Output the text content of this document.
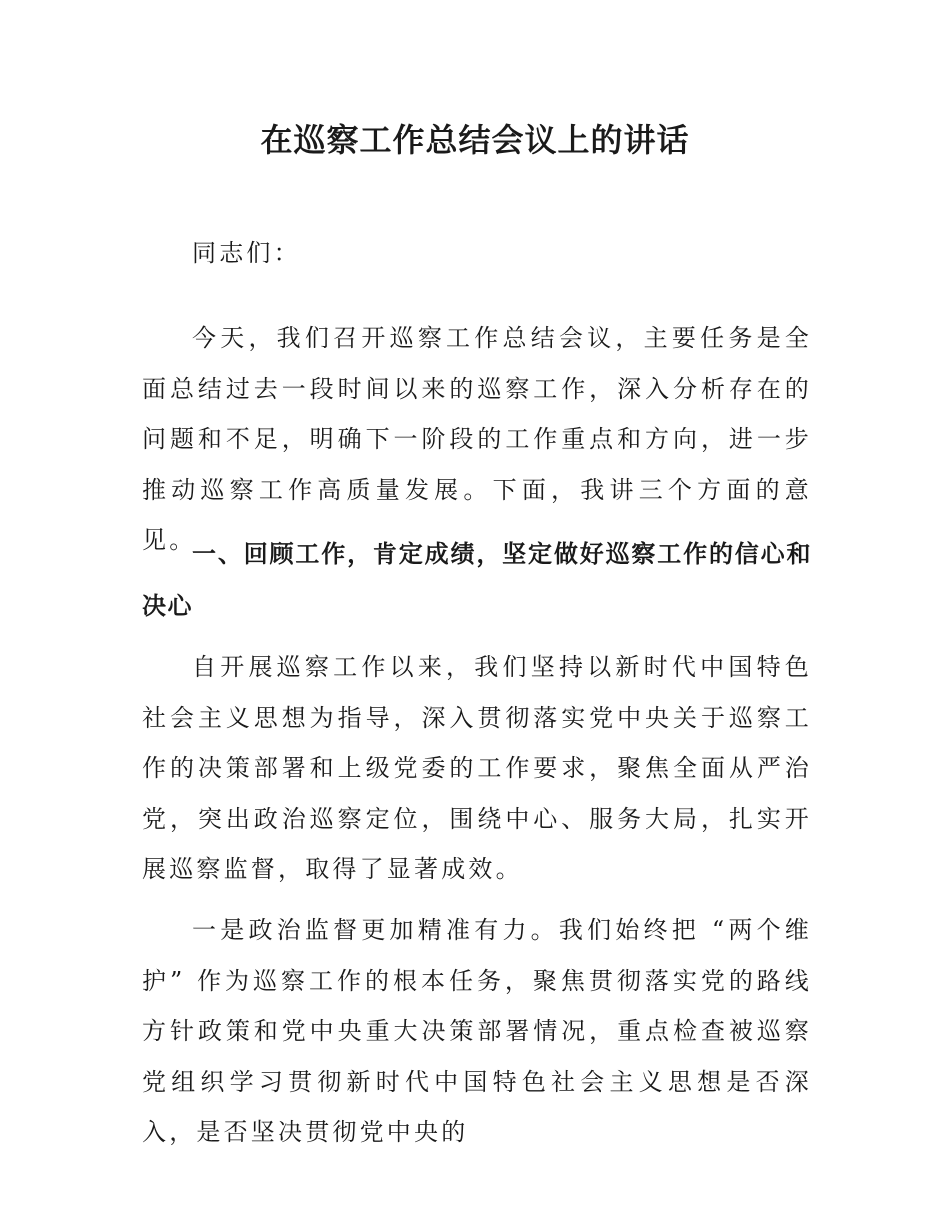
在巡察工作总结会议上的讲话

同志们：

今天，我们召开巡察工作总结会议，主要任务是全面总结过去一段时间以来的巡察工作，深入分析存在的问题和不足，明确下一阶段的工作重点和方向，进一步推动巡察工作高质量发展。下面，我讲三个方面的意见。

一、回顾工作，肯定成绩，坚定做好巡察工作的信心和决心

自开展巡察工作以来，我们坚持以新时代中国特色社会主义思想为指导，深入贯彻落实党中央关于巡察工作的决策部署和上级党委的工作要求，聚焦全面从严治党，突出政治巡察定位，围绕中心、服务大局，扎实开展巡察监督，取得了显著成效。

一是政治监督更加精准有力。我们始终把 “两个维护” 作为巡察工作的根本任务，聚焦贯彻落实党的路线方针政策和党中央重大决策部署情况，重点检查被巡察党组织学习贯彻新时代中国特色社会主义思想是否深入，是否坚决贯彻党中央的
